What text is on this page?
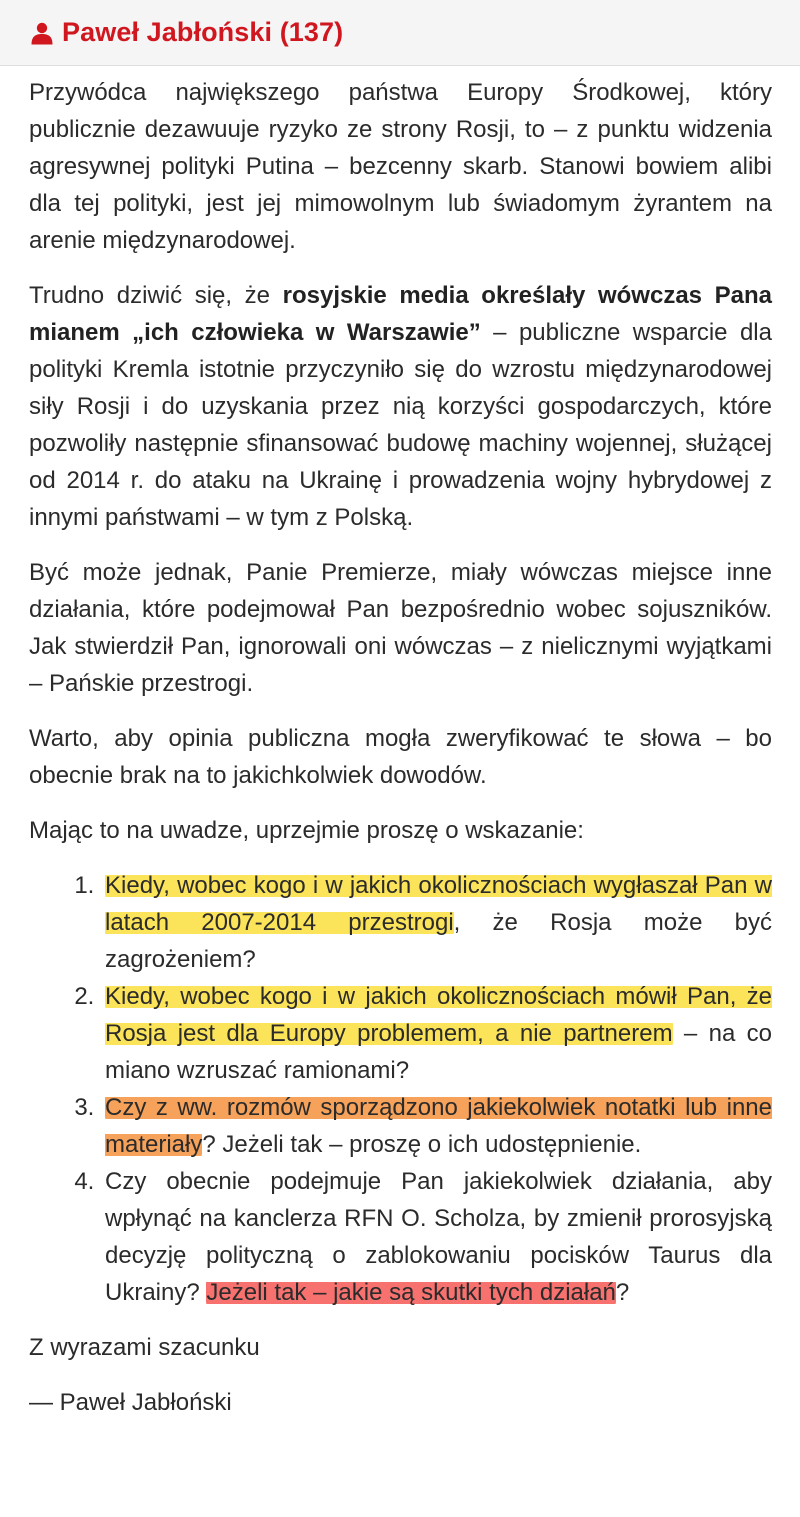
Paweł Jabłoński (137)

Przywódca największego państwa Europy Środkowej, który publicznie dezawuuje ryzyko ze strony Rosji, to – z punktu widzenia agresywnej polityki Putina – bezcenny skarb. Stanowi bowiem alibi dla tej polityki, jest jej mimowolnym lub świadomym żyrantem na arenie międzynarodowej.

Trudno dziwić się, że rosyjskie media określały wówczas Pana mianem „ich człowieka w Warszawie” – publiczne wsparcie dla polityki Kremla istotnie przyczyniło się do wzrostu międzynarodowej siły Rosji i do uzyskania przez nią korzyści gospodarczych, które pozwoliły następnie sfinansować budowę machiny wojennej, służącej od 2014 r. do ataku na Ukrainę i prowadzenia wojny hybrydowej z innymi państwami – w tym z Polską.

Być może jednak, Panie Premierze, miały wówczas miejsce inne działania, które podejmował Pan bezpośrednio wobec sojuszników. Jak stwierdził Pan, ignorowali oni wówczas – z nielicznymi wyjątkami – Pańskie przestrogi.

Warto, aby opinia publiczna mogła zweryfikować te słowa – bo obecnie brak na to jakichkolwiek dowodów.

Mając to na uwadze, uprzejmie proszę o wskazanie:

1. Kiedy, wobec kogo i w jakich okolicznościach wygłaszał Pan w latach 2007-2014 przestrogi, że Rosja może być zagrożeniem?
2. Kiedy, wobec kogo i w jakich okolicznościach mówił Pan, że Rosja jest dla Europy problemem, a nie partnerem – na co miano wzruszać ramionami?
3. Czy z ww. rozmów sporządzono jakiekolwiek notatki lub inne materiały? Jeżeli tak – proszę o ich udostępnienie.
4. Czy obecnie podejmuje Pan jakiekolwiek działania, aby wpłynąć na kanclerza RFN O. Scholza, by zmienił prorosyjską decyzję polityczną o zablokowaniu pocisków Taurus dla Ukrainy? Jeżeli tak – jakie są skutki tych działań?

Z wyrazami szacunku

— Paweł Jabłoński
